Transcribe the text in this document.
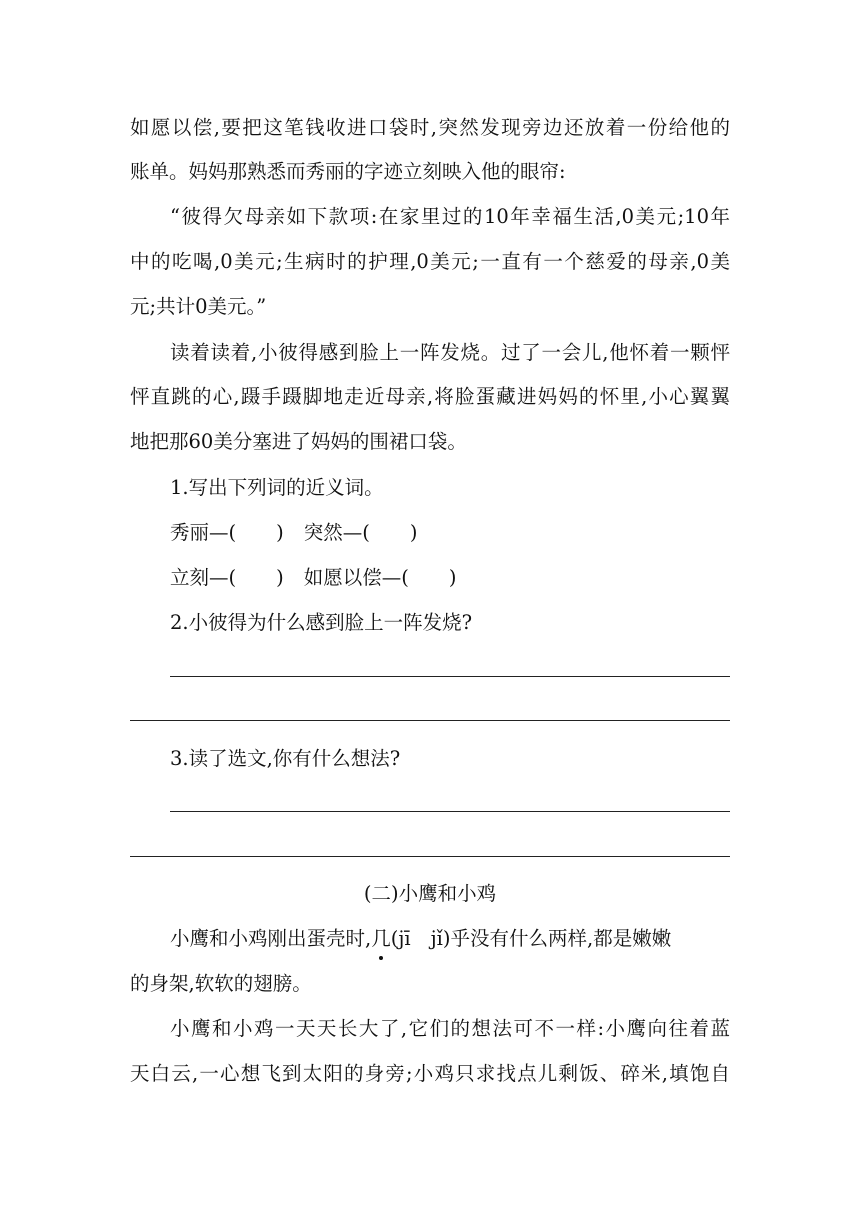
如愿以偿,要把这笔钱收进口袋时,突然发现旁边还放着一份给他的
账单。妈妈那熟悉而秀丽的字迹立刻映入他的眼帘:
“彼得欠母亲如下款项:在家里过的10年幸福生活,0美元;10年
中的吃喝,0美元;生病时的护理,0美元;一直有一个慈爱的母亲,0美
元;共计0美元。”
读着读着,小彼得感到脸上一阵发烧。过了一会儿,他怀着一颗怦
怦直跳的心,蹑手蹑脚地走近母亲,将脸蛋藏进妈妈的怀里,小心翼翼
地把那60美分塞进了妈妈的围裙口袋。
1.写出下列词的近义词。
秀丽—( ) 突然—( )
立刻—( ) 如愿以偿—( )
2.小彼得为什么感到脸上一阵发烧?
3.读了选文,你有什么想法?
(二)小鹰和小鸡
小鹰和小鸡刚出蛋壳时,几(jī jǐ)乎没有什么两样,都是嫩嫩
的身架,软软的翅膀。
小鹰和小鸡一天天长大了,它们的想法可不一样:小鹰向往着蓝
天白云,一心想飞到太阳的身旁;小鸡只求找点儿剩饭、碎米,填饱自
